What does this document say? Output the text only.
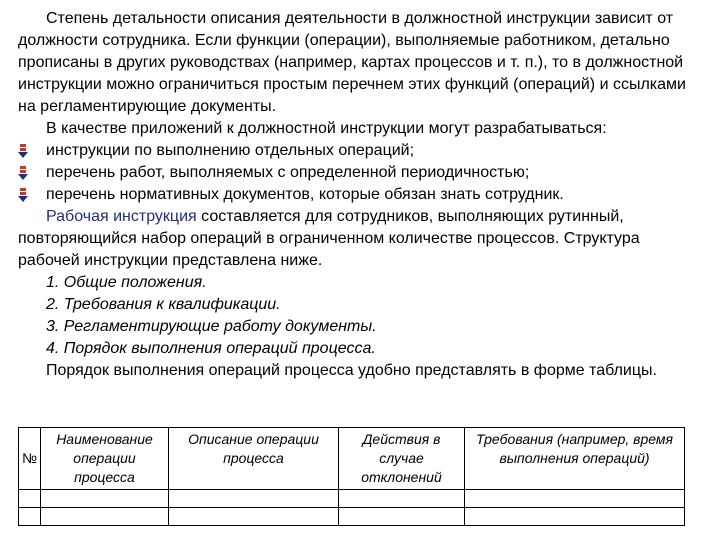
Степень детальности описания деятельности в должностной инструкции зависит от должности сотрудника. Если функции (операции), выполняемые работником, детально прописаны в других руководствах (например, картах процессов и т. п.), то в должностной инструкции можно ограничиться простым перечнем этих функций (операций) и ссылками на регламентирующие документы.

В качестве приложений к должностной инструкции могут разрабатываться:

инструкции по выполнению отдельных операций;
перечень работ, выполняемых с определенной периодичностью;
перечень нормативных документов, которые обязан знать сотрудник.

Рабочая инструкция составляется для сотрудников, выполняющих рутинный, повторяющийся набор операций в ограниченном количестве процессов. Структура рабочей инструкции представлена ниже.

1. Общие положения.
2. Требования к квалификации.
3. Регламентирующие работу документы.
4. Порядок выполнения операций процесса.

Порядок выполнения операций процесса удобно представлять в форме таблицы.

№	Наименование операции процесса	Описание операции процесса	Действия в случае отклонений	Требования (например, время выполнения операций)
